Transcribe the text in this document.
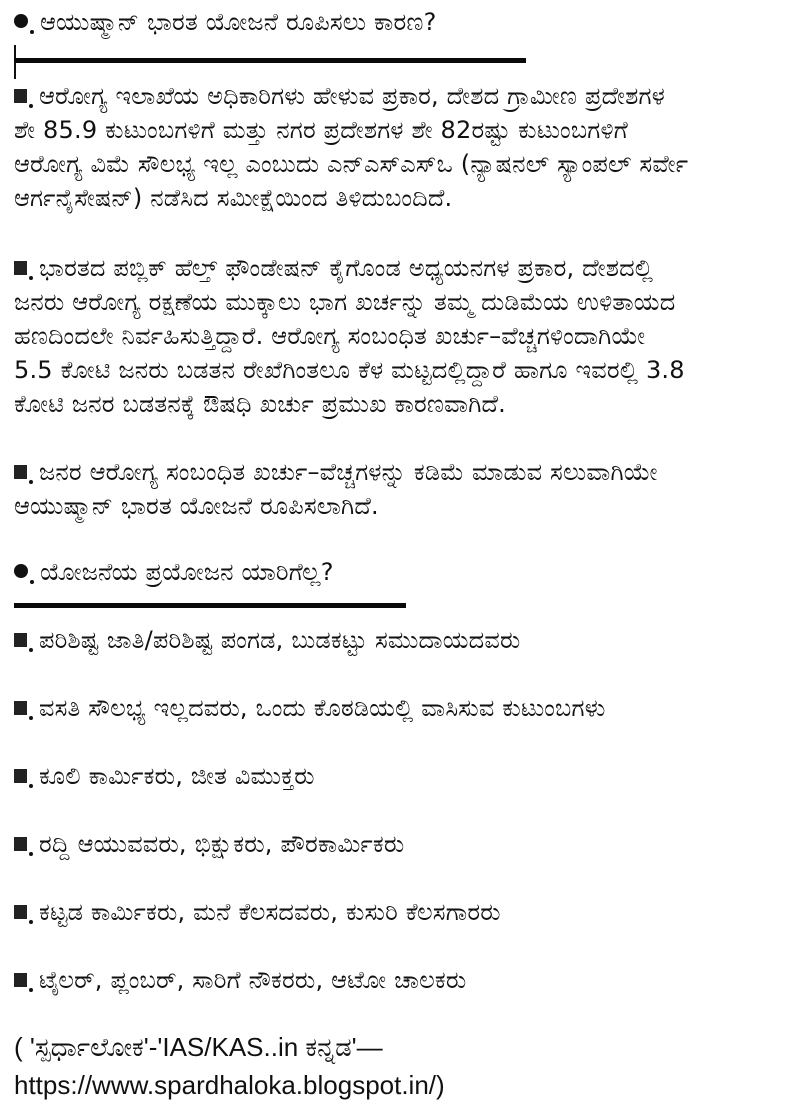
ಆಯುಷ್ಮಾನ್ ಭಾರತ ಯೋಜನೆ ರೂಪಿಸಲು ಕಾರಣ?
ಆರೋಗ್ಯ ಇಲಾಖೆಯ ಅಧಿಕಾರಿಗಳು ಹೇಳುವ ಪ್ರಕಾರ, ದೇಶದ ಗ್ರಾಮೀಣ ಪ್ರದೇಶಗಳ
ಶೇ 85.9 ಕುಟುಂಬಗಳಿಗೆ ಮತ್ತು ನಗರ ಪ್ರದೇಶಗಳ ಶೇ 82ರಷ್ಟು ಕುಟುಂಬಗಳಿಗೆ
ಆರೋಗ್ಯ ವಿಮೆ ಸೌಲಭ್ಯ ಇಲ್ಲ ಎಂಬುದು ಎನ್‌ಎಸ್‌ಎಸ್‌ಒ (ನ್ಯಾಷನಲ್ ಸ್ಯಾಂಪಲ್ ಸರ್ವೇ
ಆರ್ಗನೈಸೇಷನ್) ನಡೆಸಿದ ಸಮೀಕ್ಷೆಯಿಂದ ತಿಳಿದುಬಂದಿದೆ.
ಭಾರತದ ಪಬ್ಲಿಕ್ ಹೆಲ್ತ್ ಫೌಂಡೇಷನ್ ಕೈಗೊಂಡ ಅಧ್ಯಯನಗಳ ಪ್ರಕಾರ, ದೇಶದಲ್ಲಿ
ಜನರು ಆರೋಗ್ಯ ರಕ್ಷಣೆಯ ಮುಕ್ಕಾಲು ಭಾಗ ಖರ್ಚನ್ನು ತಮ್ಮ ದುಡಿಮೆಯ ಉಳಿತಾಯದ
ಹಣದಿಂದಲೇ ನಿರ್ವಹಿಸುತ್ತಿದ್ದಾರೆ. ಆರೋಗ್ಯ ಸಂಬಂಧಿತ ಖರ್ಚು–ವೆಚ್ಚಗಳಿಂದಾಗಿಯೇ
5.5 ಕೋಟಿ ಜನರು ಬಡತನ ರೇಖೆಗಿಂತಲೂ ಕೆಳ ಮಟ್ಟದಲ್ಲಿದ್ದಾರೆ ಹಾಗೂ ಇವರಲ್ಲಿ 3.8
ಕೋಟಿ ಜನರ ಬಡತನಕ್ಕೆ ಔಷಧಿ ಖರ್ಚು ಪ್ರಮುಖ ಕಾರಣವಾಗಿದೆ.
ಜನರ ಆರೋಗ್ಯ ಸಂಬಂಧಿತ ಖರ್ಚು–ವೆಚ್ಚಗಳನ್ನು ಕಡಿಮೆ ಮಾಡುವ ಸಲುವಾಗಿಯೇ
ಆಯುಷ್ಮಾನ್ ಭಾರತ ಯೋಜನೆ ರೂಪಿಸಲಾಗಿದೆ.
ಯೋಜನೆಯ ಪ್ರಯೋಜನ ಯಾರಿಗೆಲ್ಲ?
ಪರಿಶಿಷ್ಟ ಜಾತಿ/ಪರಿಶಿಷ್ಟ ಪಂಗಡ, ಬುಡಕಟ್ಟು ಸಮುದಾಯದವರು
ವಸತಿ ಸೌಲಭ್ಯ ಇಲ್ಲದವರು, ಒಂದು ಕೊಠಡಿಯಲ್ಲಿ ವಾಸಿಸುವ ಕುಟುಂಬಗಳು
ಕೂಲಿ ಕಾರ್ಮಿಕರು, ಜೀತ ವಿಮುಕ್ತರು
ರದ್ದಿ ಆಯುವವರು, ಭಿಕ್ಷುಕರು, ಪೌರಕಾರ್ಮಿಕರು
ಕಟ್ಟಡ ಕಾರ್ಮಿಕರು, ಮನೆ ಕೆಲಸದವರು, ಕುಸುರಿ ಕೆಲಸಗಾರರು
ಟೈಲರ್, ಪ್ಲಂಬರ್, ಸಾರಿಗೆ ನೌಕರರು, ಆಟೋ ಚಾಲಕರು
( 'ಸ್ಪರ್ಧಾಲೋಕ'-'IAS/KAS..in ಕನ್ನಡ'—
https://www.spardhaloka.blogspot.in/)
